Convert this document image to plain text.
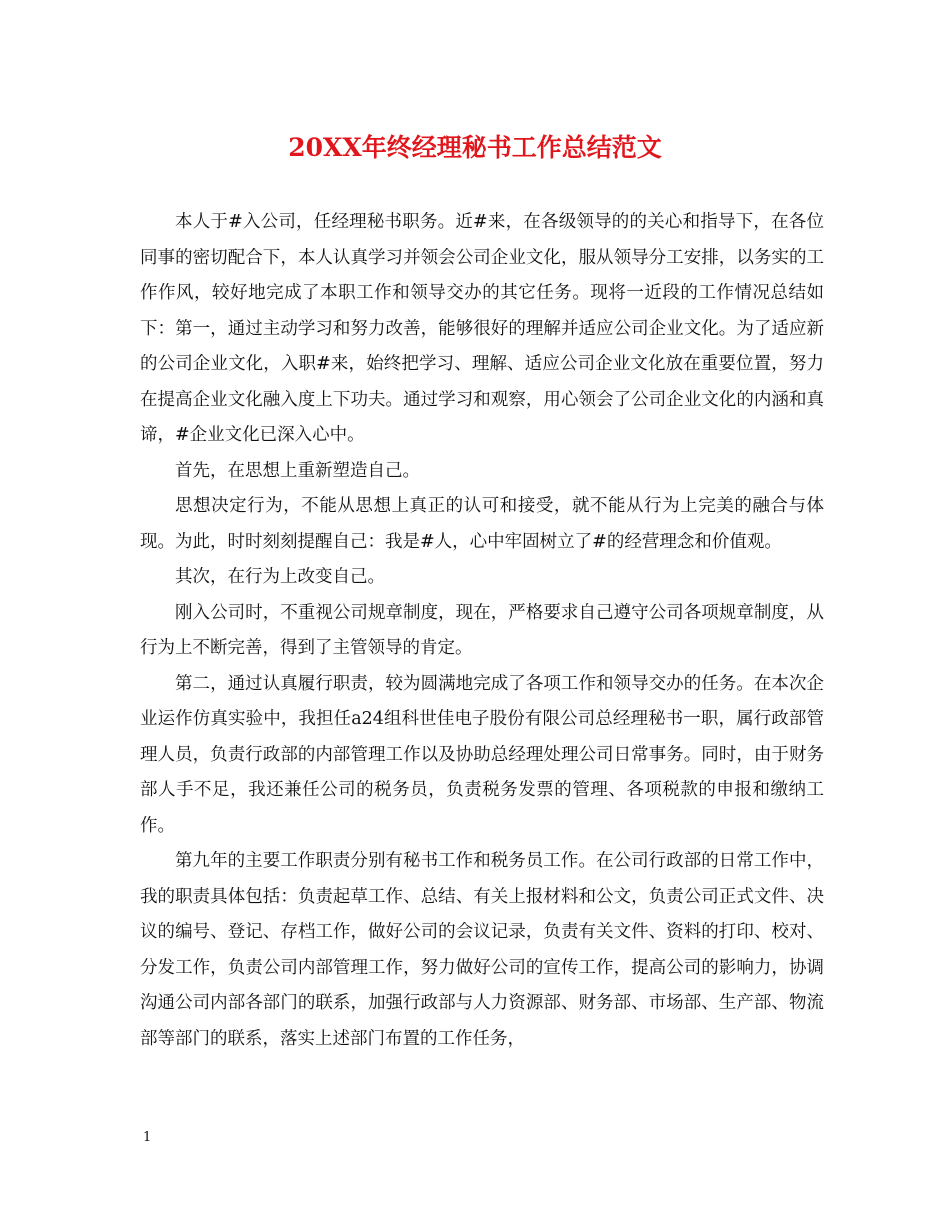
20XX年终经理秘书工作总结范文

本人于#入公司，任经理秘书职务。近#来，在各级领导的的关心和指导下，在各位同事的密切配合下，本人认真学习并领会公司企业文化，服从领导分工安排，以务实的工作作风，较好地完成了本职工作和领导交办的其它任务。现将一近段的工作情况总结如下：第一，通过主动学习和努力改善，能够很好的理解并适应公司企业文化。为了适应新的公司企业文化，入职#来，始终把学习、理解、适应公司企业文化放在重要位置，努力在提高企业文化融入度上下功夫。通过学习和观察，用心领会了公司企业文化的内涵和真谛，#企业文化已深入心中。

首先，在思想上重新塑造自己。

思想决定行为，不能从思想上真正的认可和接受，就不能从行为上完美的融合与体现。为此，时时刻刻提醒自己：我是#人，心中牢固树立了#的经营理念和价值观。

其次，在行为上改变自己。

刚入公司时，不重视公司规章制度，现在，严格要求自己遵守公司各项规章制度，从行为上不断完善，得到了主管领导的肯定。

第二，通过认真履行职责，较为圆满地完成了各项工作和领导交办的任务。在本次企业运作仿真实验中，我担任a24组科世佳电子股份有限公司总经理秘书一职，属行政部管理人员，负责行政部的内部管理工作以及协助总经理处理公司日常事务。同时，由于财务部人手不足，我还兼任公司的税务员，负责税务发票的管理、各项税款的申报和缴纳工作。

第九年的主要工作职责分别有秘书工作和税务员工作。在公司行政部的日常工作中，我的职责具体包括：负责起草工作、总结、有关上报材料和公文，负责公司正式文件、决议的编号、登记、存档工作，做好公司的会议记录，负责有关文件、资料的打印、校对、分发工作，负责公司内部管理工作，努力做好公司的宣传工作，提高公司的影响力，协调沟通公司内部各部门的联系，加强行政部与人力资源部、财务部、市场部、生产部、物流部等部门的联系，落实上述部门布置的工作任务，

1
